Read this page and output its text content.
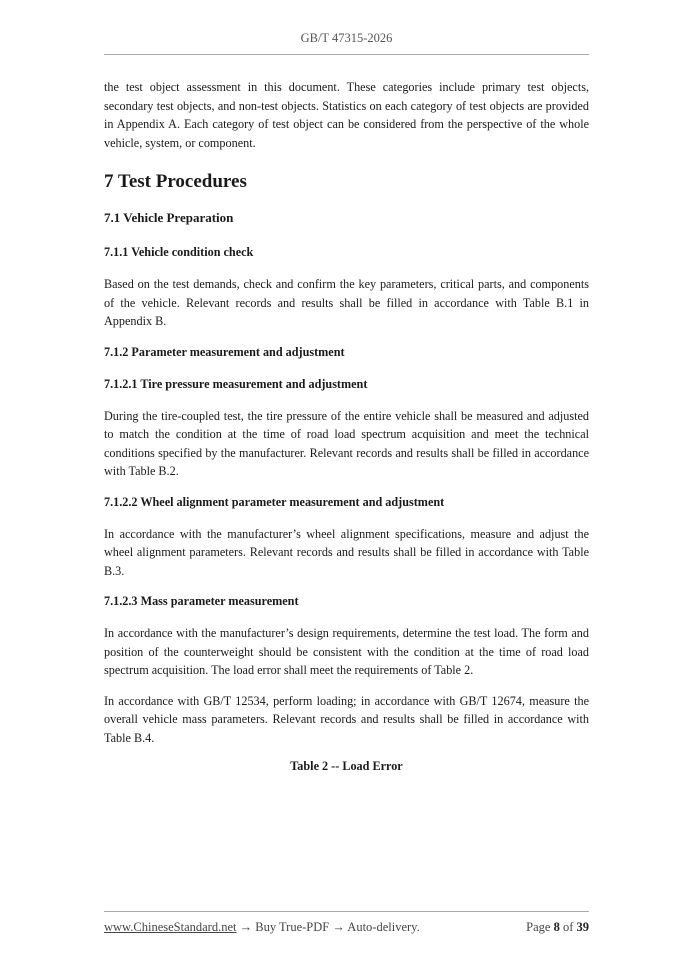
GB/T 47315-2026

the test object assessment in this document. These categories include primary test objects, secondary test objects, and non-test objects. Statistics on each category of test objects are provided in Appendix A. Each category of test object can be considered from the perspective of the whole vehicle, system, or component.

7 Test Procedures
7.1 Vehicle Preparation
7.1.1 Vehicle condition check

Based on the test demands, check and confirm the key parameters, critical parts, and components of the vehicle. Relevant records and results shall be filled in accordance with Table B.1 in Appendix B.

7.1.2 Parameter measurement and adjustment
7.1.2.1 Tire pressure measurement and adjustment

During the tire-coupled test, the tire pressure of the entire vehicle shall be measured and adjusted to match the condition at the time of road load spectrum acquisition and meet the technical conditions specified by the manufacturer. Relevant records and results shall be filled in accordance with Table B.2.

7.1.2.2 Wheel alignment parameter measurement and adjustment

In accordance with the manufacturer’s wheel alignment specifications, measure and adjust the wheel alignment parameters. Relevant records and results shall be filled in accordance with Table B.3.

7.1.2.3 Mass parameter measurement

In accordance with the manufacturer’s design requirements, determine the test load. The form and position of the counterweight should be consistent with the condition at the time of road load spectrum acquisition. The load error shall meet the requirements of Table 2.

In accordance with GB/T 12534, perform loading; in accordance with GB/T 12674, measure the overall vehicle mass parameters. Relevant records and results shall be filled in accordance with Table B.4.

Table 2 -- Load Error
www.ChineseStandard.net → Buy True-PDF → Auto-delivery.	Page 8 of 39
